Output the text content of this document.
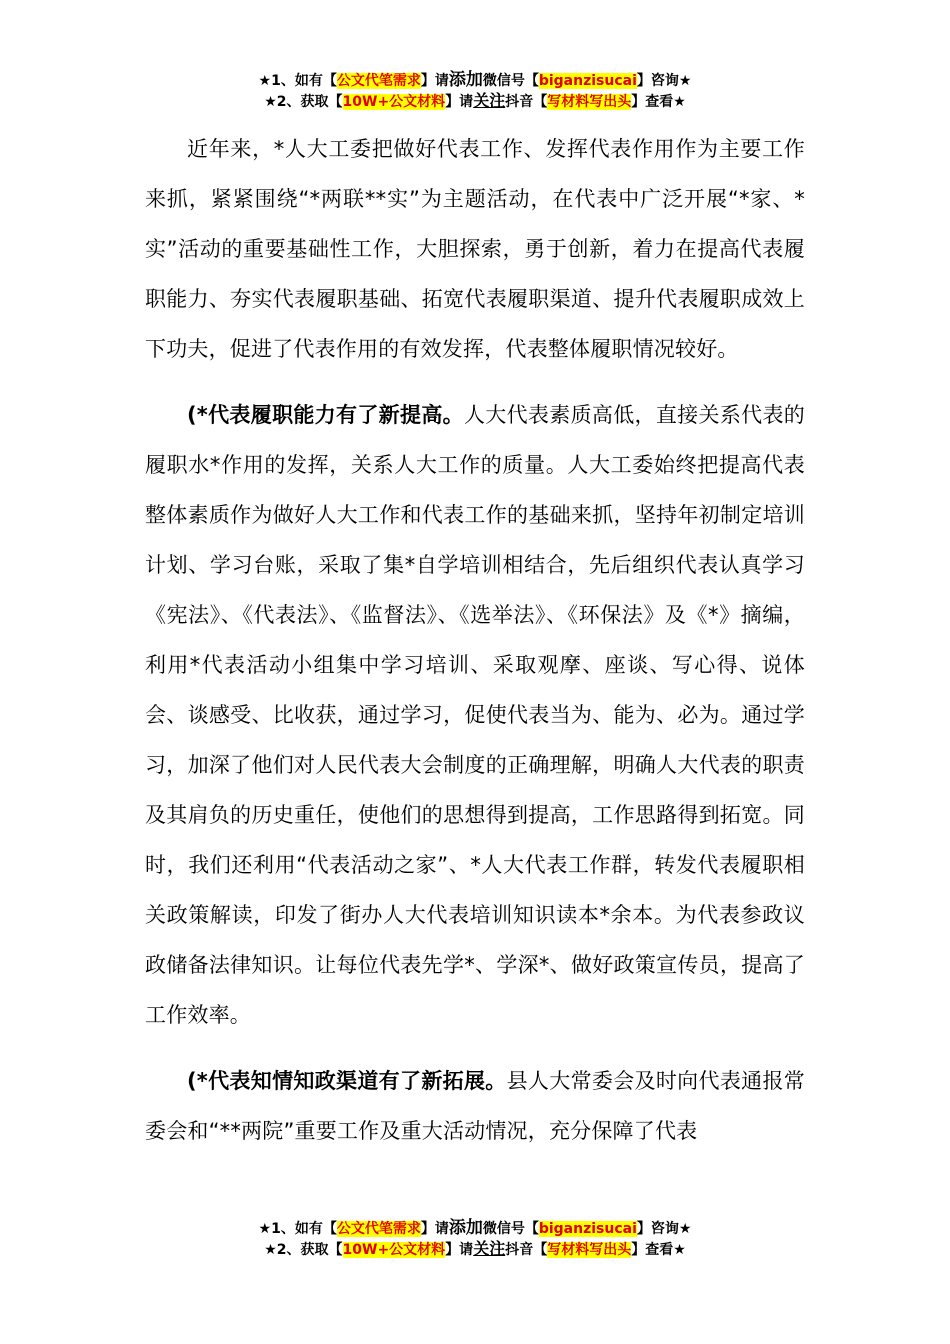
★1、如有【公文代笔需求】请添加微信号【biganzisucai】咨询★
★2、获取【10W+公文材料】请关注抖音【写材料写出头】查看★

近年来，*人大工委把做好代表工作、发挥代表作用作为主要工作来抓，紧紧围绕“*两联**实”为主题活动，在代表中广泛开展“*家、*实”活动的重要基础性工作，大胆探索，勇于创新，着力在提高代表履职能力、夯实代表履职基础、拓宽代表履职渠道、提升代表履职成效上下功夫，促进了代表作用的有效发挥，代表整体履职情况较好。

(*代表履职能力有了新提高。人大代表素质高低，直接关系代表的履职水*作用的发挥，关系人大工作的质量。人大工委始终把提高代表整体素质作为做好人大工作和代表工作的基础来抓，坚持年初制定培训计划、学习台账，采取了集*自学培训相结合，先后组织代表认真学习《宪法》、《代表法》、《监督法》、《选举法》、《环保法》及《*》摘编，利用*代表活动小组集中学习培训、采取观摩、座谈、写心得、说体会、谈感受、比收获，通过学习，促使代表当为、能为、必为。通过学习，加深了他们对人民代表大会制度的正确理解，明确人大代表的职责及其肩负的历史重任，使他们的思想得到提高，工作思路得到拓宽。同时，我们还利用“代表活动之家”、*人大代表工作群，转发代表履职相关政策解读，印发了街办人大代表培训知识读本*余本。为代表参政议政储备法律知识。让每位代表先学*、学深*、做好政策宣传员，提高了工作效率。

(*代表知情知政渠道有了新拓展。县人大常委会及时向代表通报常委会和“**两院”重要工作及重大活动情况，充分保障了代表

★1、如有【公文代笔需求】请添加微信号【biganzisucai】咨询★
★2、获取【10W+公文材料】请关注抖音【写材料写出头】查看★
